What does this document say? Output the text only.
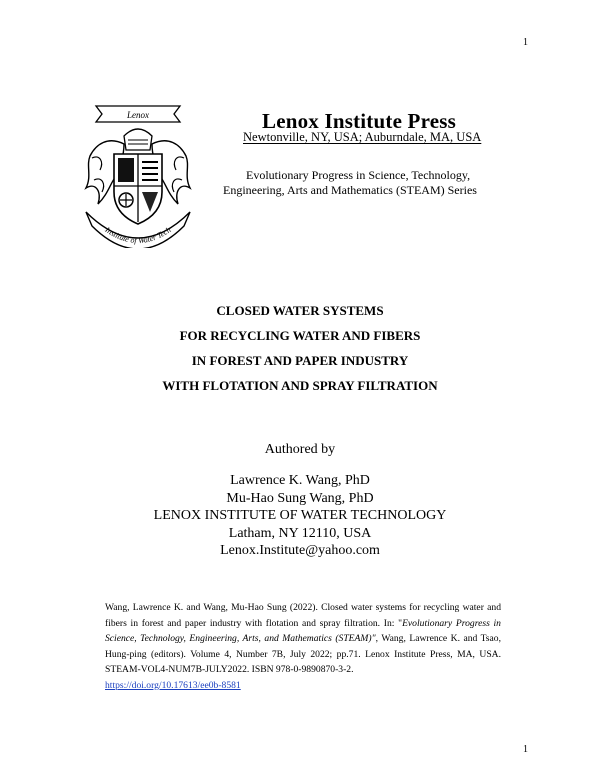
1
Lenox
Institute of Water Tech
Lenox Institute Press
Newtonville, NY, USA; Auburndale, MA, USA
Evolutionary Progress in Science, Technology,
Engineering, Arts and Mathematics (STEAM) Series
CLOSED WATER SYSTEMS
FOR RECYCLING WATER AND FIBERS
IN FOREST AND PAPER INDUSTRY
WITH FLOTATION AND SPRAY FILTRATION
Authored by
Lawrence K. Wang, PhD
Mu-Hao Sung Wang, PhD
LENOX INSTITUTE OF WATER TECHNOLOGY
Latham, NY 12110, USA
Lenox.Institute@yahoo.com
Wang, Lawrence K. and Wang, Mu-Hao Sung (2022). Closed water systems for recycling water and fibers in forest and paper industry with flotation and spray filtration. In: "Evolutionary Progress in Science, Technology, Engineering, Arts, and Mathematics (STEAM)", Wang, Lawrence K. and Tsao, Hung-ping (editors). Volume 4, Number 7B, July 2022; pp.71. Lenox Institute Press, MA, USA. STEAM-VOL4-NUM7B-JULY2022. ISBN 978-0-9890870-3-2.
https://doi.org/10.17613/ee0b-8581
1
